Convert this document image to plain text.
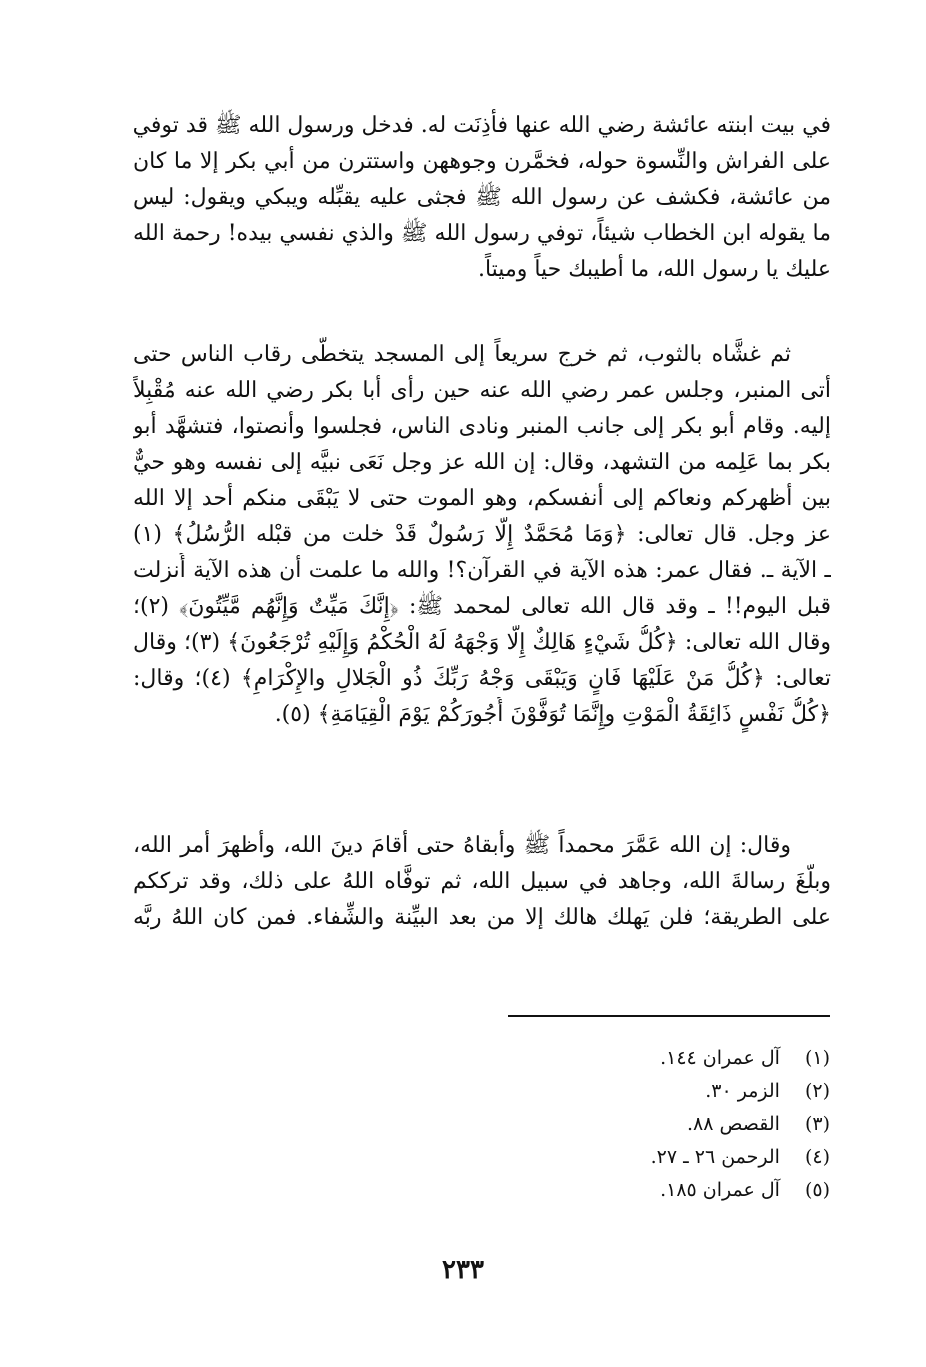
في بيت ابنته عائشة رضي الله عنها فأذِنَت له. فدخل ورسول الله ﷺ قد توفي
على الفراش والنِّسوة حوله، فخمَّرن وجوههن واستترن من أبي بكر إلا ما كان
من عائشة، فكشف عن رسول الله ﷺ فجثى عليه يقبِّله ويبكي ويقول: ليس
ما يقوله ابن الخطاب شيئاً، توفي رسول الله ﷺ والذي نفسي بيده! رحمة الله
عليك يا رسول الله، ما أطيبك حياً وميتاً.
ثم غشَّاه بالثوب، ثم خرج سريعاً إلى المسجد يتخطَّى رقاب الناس حتى
أتى المنبر، وجلس عمر رضي الله عنه حين رأى أبا بكر رضي الله عنه مُقْبِلاً
إليه. وقام أبو بكر إلى جانب المنبر ونادى الناس، فجلسوا وأنصتوا، فتشهَّد أبو
بكر بما عَلِمه من التشهد، وقال: إن الله عز وجل نَعَى نبيَّه إلى نفسه وهو حيٌّ
بين أظهركم ونعاكم إلى أنفسكم، وهو الموت حتى لا يَبْقَى منكم أحد إلا الله
عز وجل. قال تعالى: ﴿وَمَا مُحَمَّدٌ إِلَّا رَسُولٌ قَدْ خلت من قبْله الرُّسُلُ﴾ (١)
ـ الآية ـ. فقال عمر: هذه الآية في القرآن؟! والله ما علمت أن هذه الآية أُنزلت
قبل اليوم!! ـ وقد قال الله تعالى لمحمد ﷺ: ﴿إِنَّكَ مَيِّتٌ وَإِنَّهُم مَّيِّتُونَ﴾ (٢)؛
وقال الله تعالى: ﴿كُلُّ شَيْءٍ هَالِكٌ إِلَّا وَجْهَهُ لَهُ الْحُكْمُ وَإِلَيْهِ تُرْجَعُونَ﴾ (٣)؛ وقال
تعالى: ﴿كُلُّ مَنْ عَلَيْهَا فَانٍ وَيَبْقَى وَجْهُ رَبِّكَ ذُو الْجَلالِ والإِكْرَامِ﴾ (٤)؛ وقال:
﴿كُلُّ نَفْسٍ ذَائِقَةُ الْمَوْتِ وإِنَّمَا تُوَفَّوْنَ أُجُورَكُمْ يَوْمَ الْقِيَامَةِ﴾ (٥).
وقال: إن الله عَمَّرَ محمداً ﷺ وأبقاهُ حتى أقامَ دينَ الله، وأظهرَ أمر الله،
وبلَّغَ رسالةَ الله، وجاهد في سبيل الله، ثم توفَّاه اللهُ على ذلك، وقد ترككم
على الطريقة؛ فلن يَهلك هالك إلا من بعد البيِّنة والشِّفاء. فمن كان اللهُ ربَّه
(١) آل عمران ١٤٤.
(٢) الزمر ٣٠.
(٣) القصص ٨٨.
(٤) الرحمن ٢٦ ـ ٢٧.
(٥) آل عمران ١٨٥.
٢٣٣
